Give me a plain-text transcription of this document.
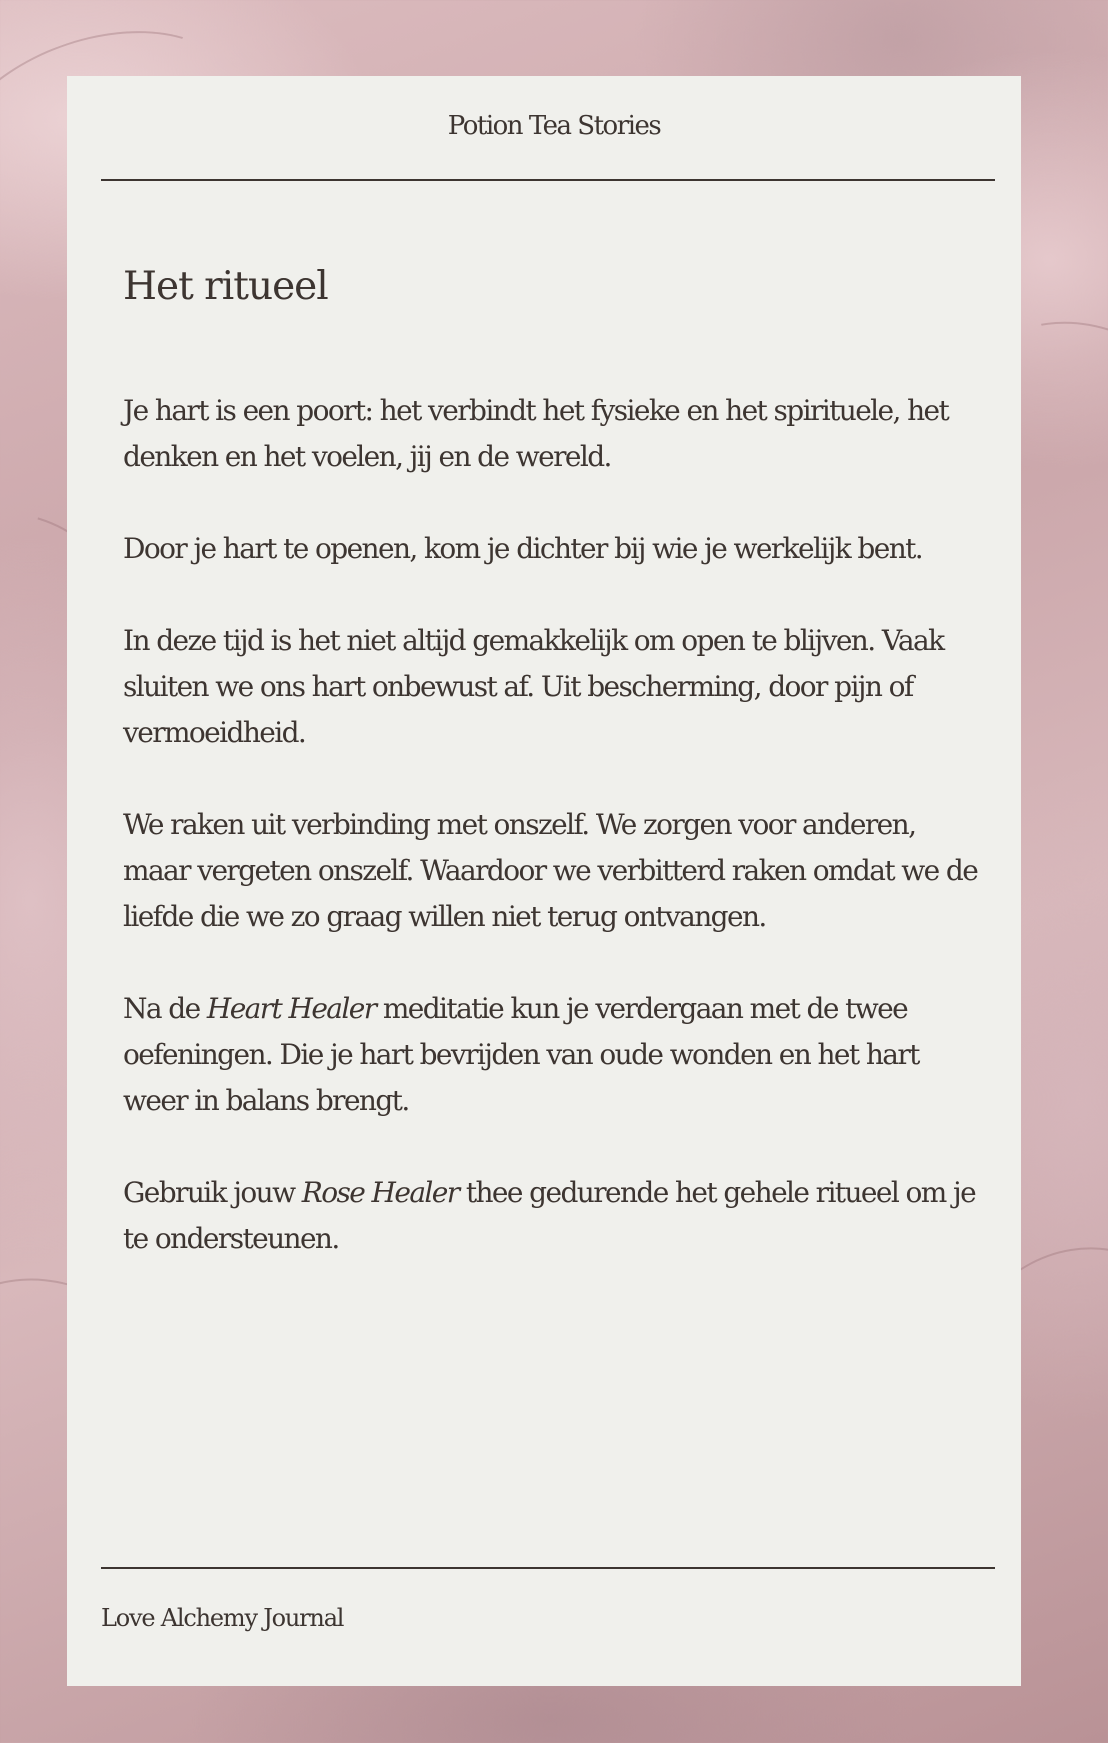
Potion Tea Stories
Het ritueel

Je hart is een poort: het verbindt het fysieke en het spirituele, het denken en het voelen, jij en de wereld.

Door je hart te openen, kom je dichter bij wie je werkelijk bent.

In deze tijd is het niet altijd gemakkelijk om open te blijven. Vaak sluiten we ons hart onbewust af. Uit bescherming, door pijn of vermoeidheid.

We raken uit verbinding met onszelf. We zorgen voor anderen, maar vergeten onszelf. Waardoor we verbitterd raken omdat we de liefde die we zo graag willen niet terug ontvangen.

Na de Heart Healer meditatie kun je verdergaan met de twee oefeningen. Die je hart bevrijden van oude wonden en het hart weer in balans brengt.

Gebruik jouw Rose Healer thee gedurende het gehele ritueel om je te ondersteunen.

Love Alchemy Journal
